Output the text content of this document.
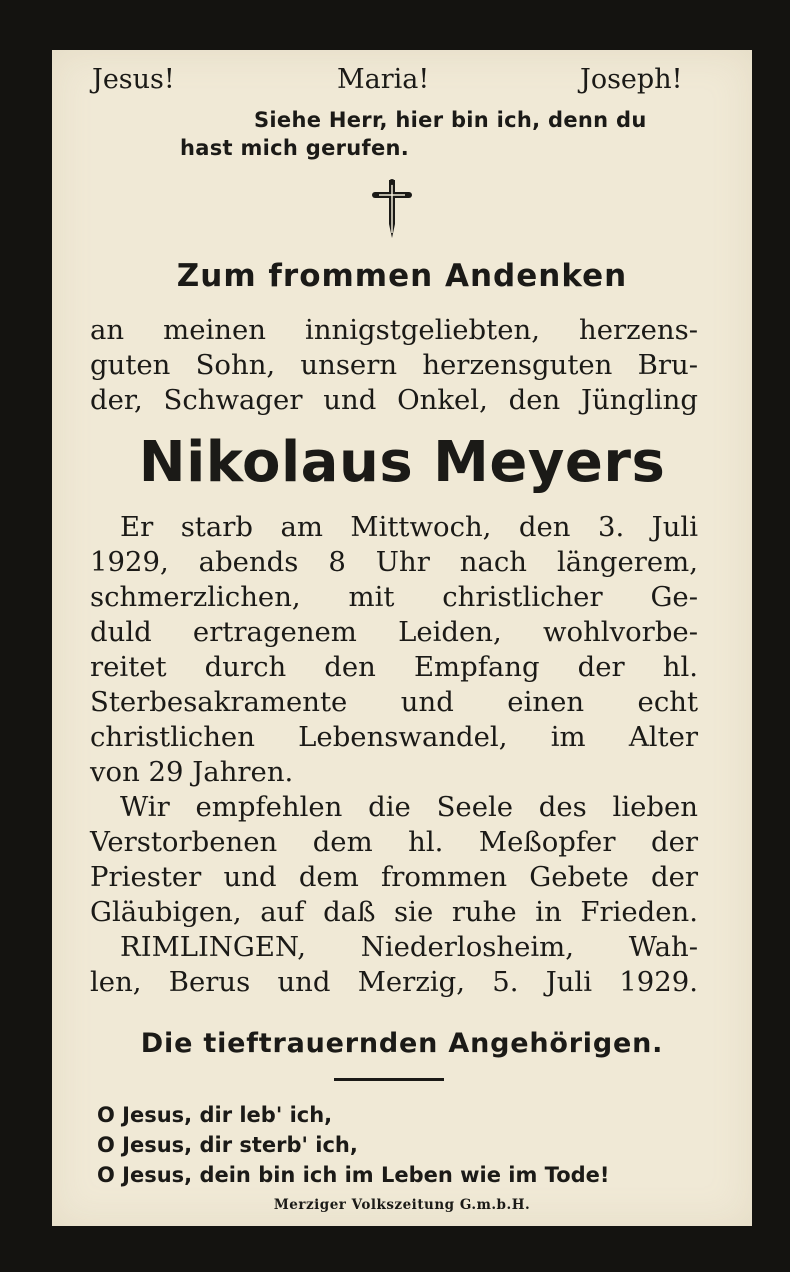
Jesus!	Maria!	Joseph!
Siehe Herr, hier bin ich, denn du
hast mich gerufen.
Zum frommen Andenken
an meinen innigstgeliebten, herzens-
guten Sohn, unsern herzensguten Bru-
der, Schwager und Onkel, den Jüngling
Nikolaus Meyers
Er starb am Mittwoch, den 3. Juli
1929, abends 8 Uhr nach längerem,
schmerzlichen, mit christlicher Ge-
duld ertragenem Leiden, wohlvorbe-
reitet durch den Empfang der hl.
Sterbesakramente und einen echt
christlichen Lebenswandel, im Alter
von 29 Jahren.
Wir empfehlen die Seele des lieben
Verstorbenen dem hl. Meßopfer der
Priester und dem frommen Gebete der
Gläubigen, auf daß sie ruhe in Frieden.
RIMLINGEN, Niederlosheim, Wah-
len, Berus und Merzig, 5. Juli 1929.
Die tieftrauernden Angehörigen.
O Jesus, dir leb' ich,
O Jesus, dir sterb' ich,
O Jesus, dein bin ich im Leben wie im Tode!
Merziger Volkszeitung G.m.b.H.
